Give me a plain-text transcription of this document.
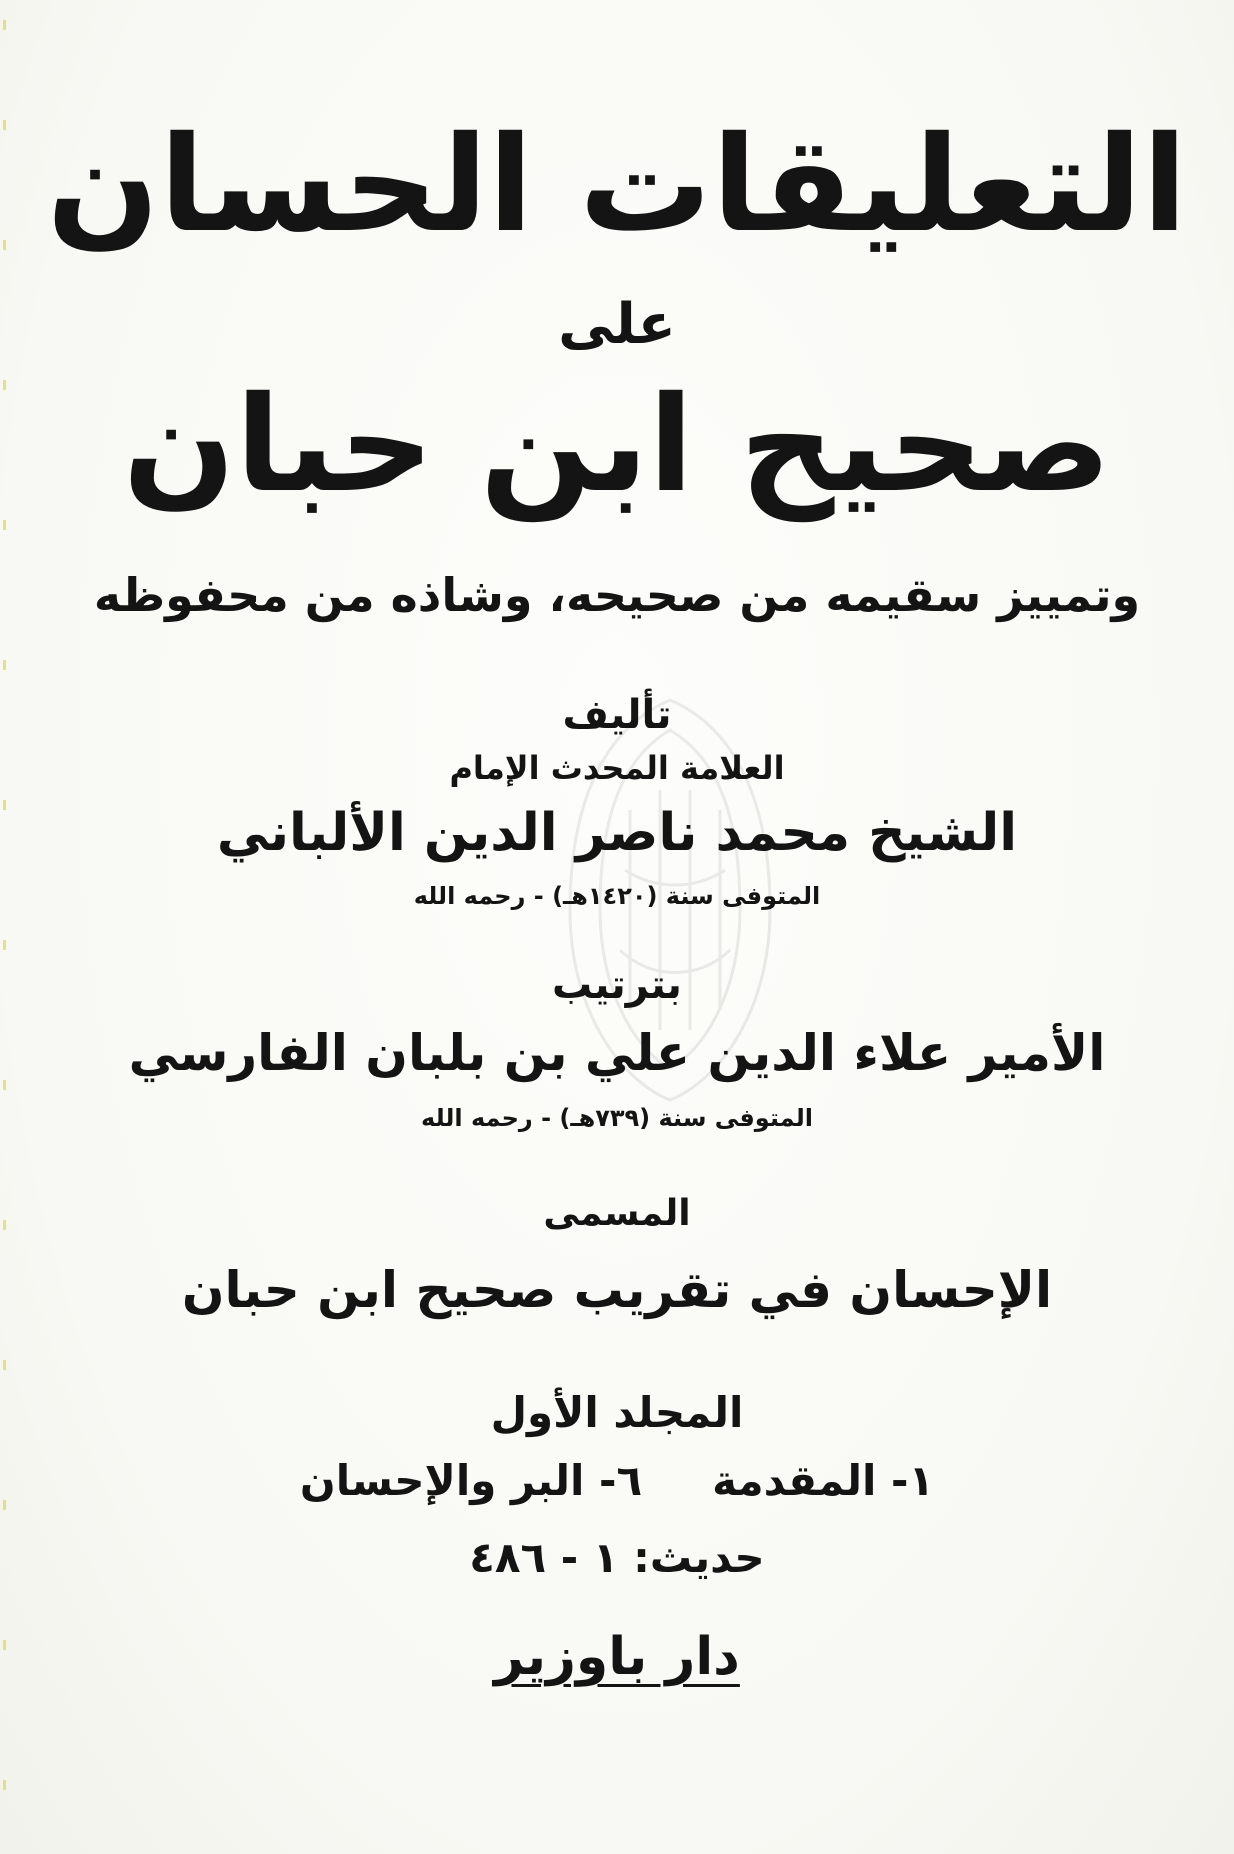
التعليقات الحسان
على
صحيح ابن حبان
وتمييز سقيمه من صحيحه، وشاذه من محفوظه
تأليف
العلامة المحدث الإمام
الشيخ محمد ناصر الدين الألباني
المتوفى سنة (١٤٢٠هـ) - رحمه الله
بترتيب
الأمير علاء الدين علي بن بلبان الفارسي
المتوفى سنة (٧٣٩هـ) - رحمه الله
المسمى
الإحسان في تقريب صحيح ابن حبان
المجلد الأول
١- المقدمة
٦- البر والإحسان
حديث: ١ - ٤٨٦
دار باوزير
